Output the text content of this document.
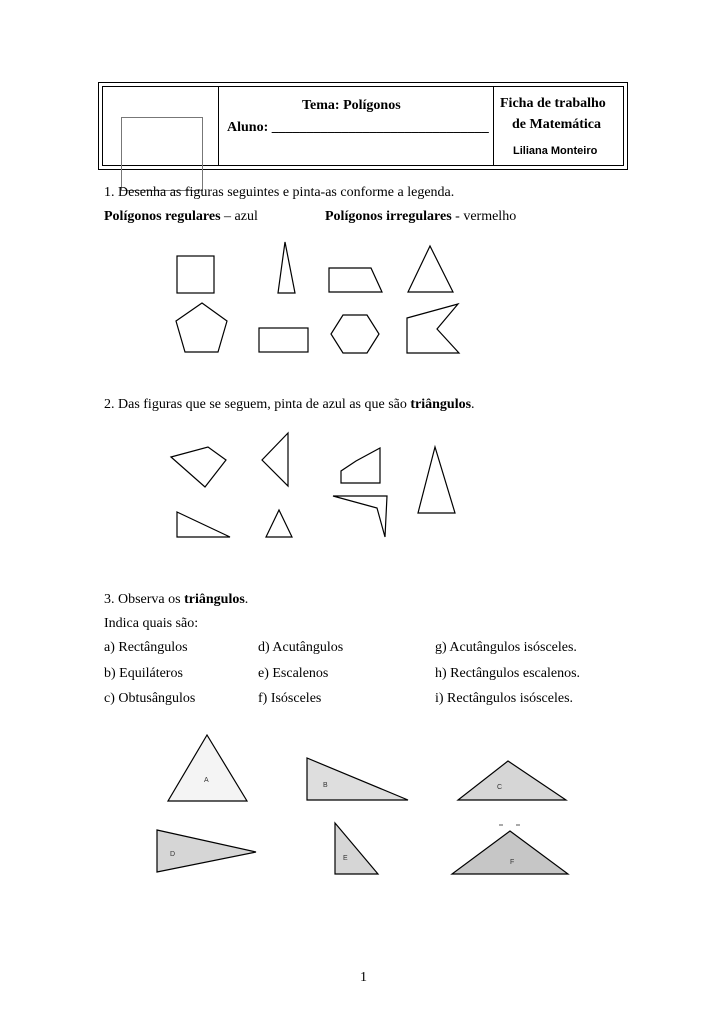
Tema: Polígonos
Aluno: _______________________________
Ficha de trabalho
de Matemática
Liliana Monteiro
1. Desenha as figuras seguintes e pinta-as conforme a legenda.
Polígonos regulares – azul	Polígonos irregulares - vermelho
2. Das figuras que se seguem, pinta de azul as que são triângulos.
3. Observa os triângulos.
Indica quais são:
a) Rectângulos	d) Acutângulos	g) Acutângulos isósceles.
b) Equiláteros	e) Escalenos	h) Rectângulos escalenos.
c) Obtusângulos	f) Isósceles	i) Rectângulos isósceles.
A
B	C
D
E
F
1
